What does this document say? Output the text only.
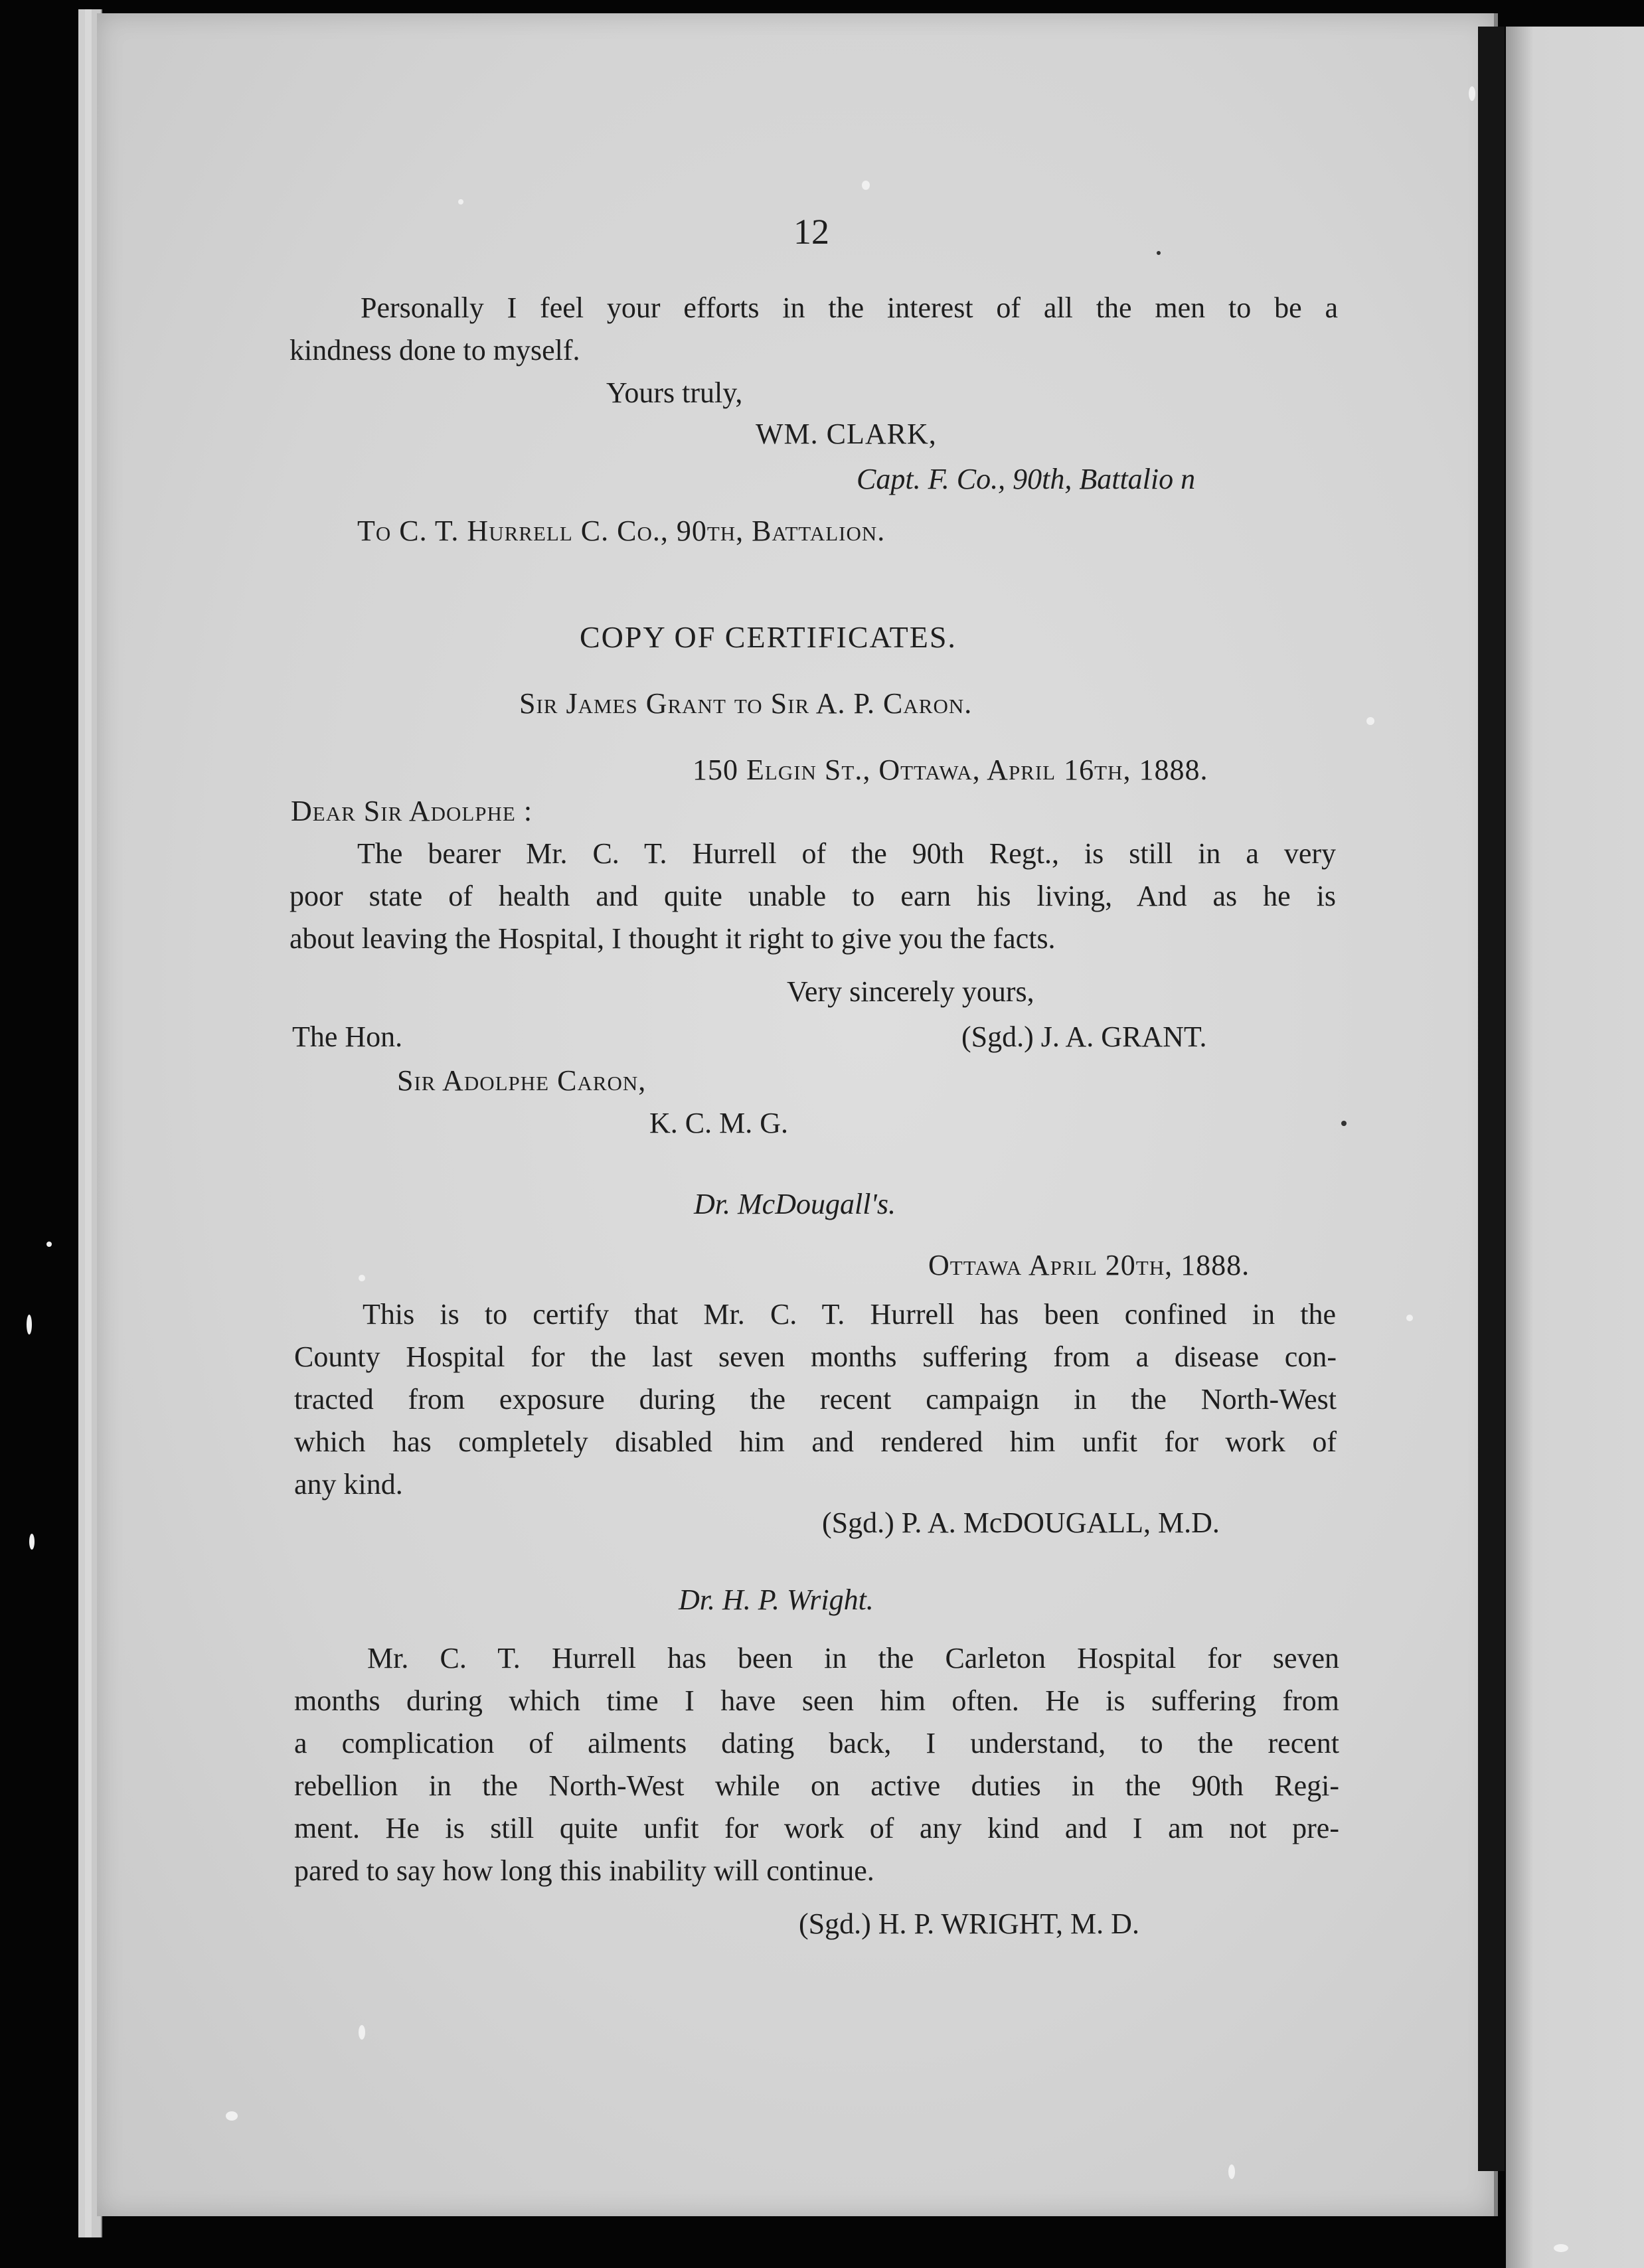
12
Personally I feel your efforts in the interest of all the men to be a
kindness done to myself.
Yours truly,
WM. CLARK,
Capt. F. Co., 90th, Battalio n
To C. T. Hurrell C. Co., 90th, Battalion.
COPY OF CERTIFICATES.
Sir James Grant to Sir A. P. Caron.
150 Elgin St., Ottawa, April 16th, 1888.
Dear Sir Adolphe :
The bearer Mr. C. T. Hurrell of the 90th Regt., is still in a very
poor state of health and quite unable to earn his living, And as he is
about leaving the Hospital, I thought it right to give you the facts.
Very sincerely yours,
The Hon.	(Sgd.) J. A. GRANT.
Sir Adolphe Caron,
K. C. M. G.
Dr. McDougall's.
Ottawa April 20th, 1888.
This is to certify that Mr. C. T. Hurrell has been confined in the
County Hospital for the last seven months suffering from a disease con-
tracted from exposure during the recent campaign in the North-West
which has completely disabled him and rendered him unfit for work of
any kind.
(Sgd.) P. A. McDOUGALL, M.D.
Dr. H. P. Wright.
Mr. C. T. Hurrell has been in the Carleton Hospital for seven
months during which time I have seen him often. He is suffering from
a complication of ailments dating back, I understand, to the recent
rebellion in the North-West while on active duties in the 90th Regi-
ment. He is still quite unfit for work of any kind and I am not pre-
pared to say how long this inability will continue.
(Sgd.) H. P. WRIGHT, M. D.
